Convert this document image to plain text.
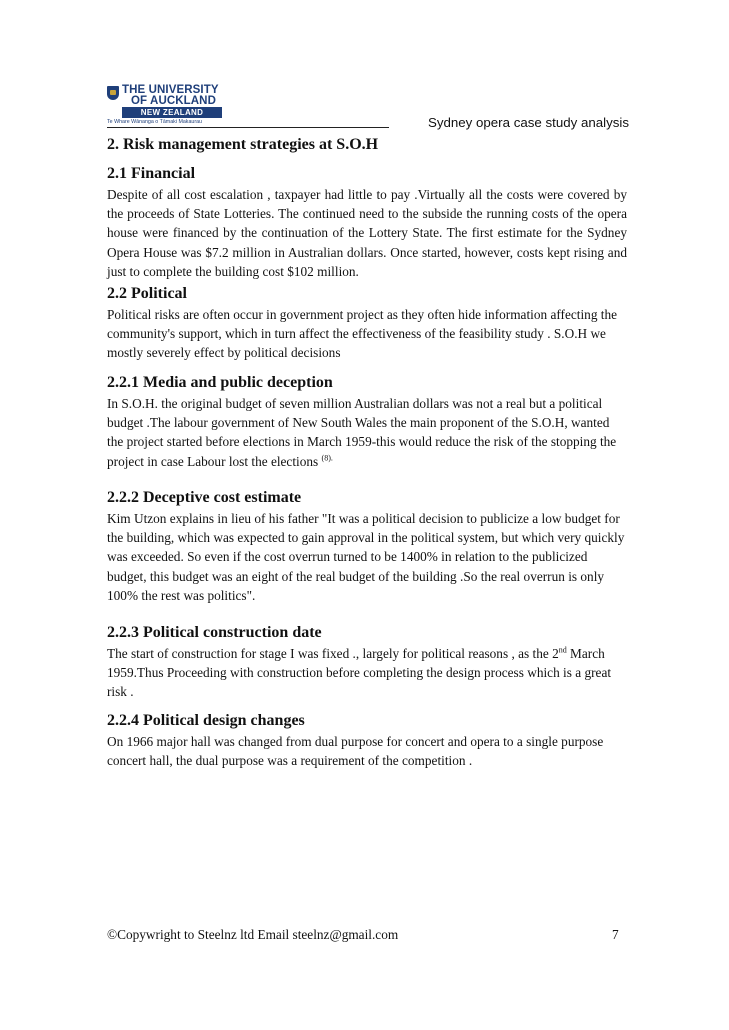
THE UNIVERSITY
OF AUCKLAND
NEW ZEALAND
Te Whare Wānanga o Tāmaki Makaurau	Sydney opera case study analysis
2. Risk management strategies at S.O.H
2.1 Financial

Despite of all cost escalation , taxpayer had little to pay .Virtually all the costs were covered by the proceeds of State Lotteries. The continued need to the subside the running costs of the opera house were financed by the continuation of the Lottery State. The first estimate for the Sydney Opera House was $7.2 million in Australian dollars. Once started, however, costs kept rising and just to complete the building cost $102 million.

2.2 Political

Political risks are often occur in government project as they often hide information affecting the community's support, which in turn affect the effectiveness of the feasibility study . S.O.H we mostly severely effect by political decisions

2.2.1 Media and public deception

In S.O.H. the original budget of seven million Australian dollars was not a real but a political budget .The labour government of New South Wales the main proponent of the S.O.H, wanted the project started before elections in March 1959-this would reduce the risk of the stopping the project in case Labour lost the elections $^{(8).}$

2.2.2 Deceptive cost estimate

Kim Utzon explains in lieu of his father "It was a political decision to publicize a low budget for the building, which was expected to gain approval in the political system, but which very quickly was exceeded. So even if the cost overrun turned to be 1400% in relation to the publicized budget, this budget was an eight of the real budget of the building .So the real overrun is only 100% the rest was politics".

2.2.3 Political construction date

The start of construction for stage I was fixed ., largely for political reasons , as the 2nd March 1959.Thus Proceeding with construction before completing the design process which is a great risk .

2.2.4 Political design changes

On 1966 major hall was changed from dual purpose for concert and opera to a single purpose concert hall, the dual purpose was a requirement of the competition .

©Copywright to Steelnz ltd Email steelnz@gmail.com	7
